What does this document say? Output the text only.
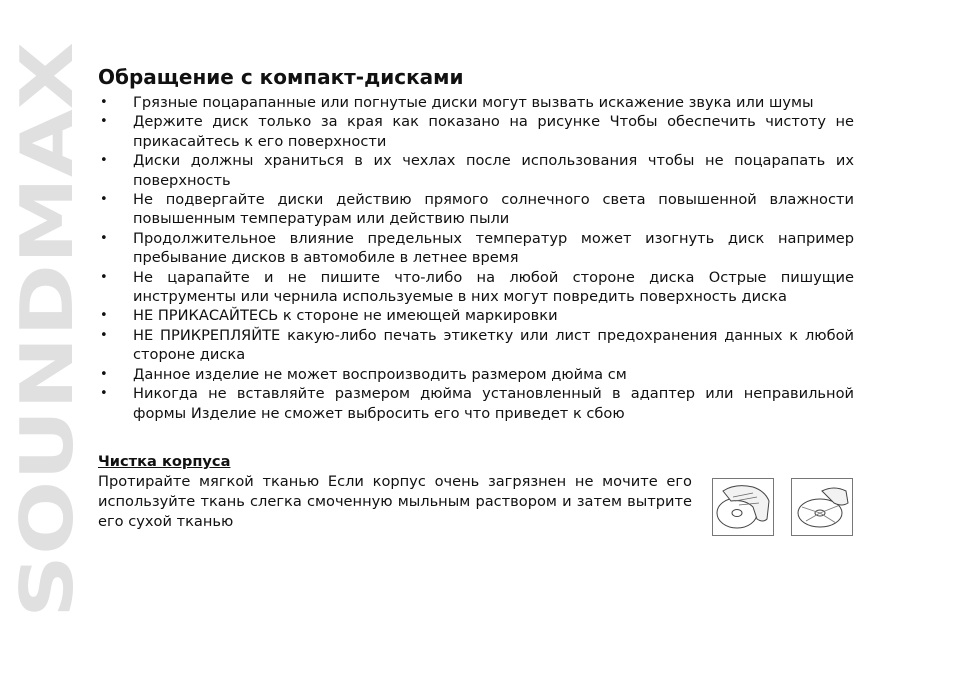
SOUNDMAX
Обращение с компакт-дисками
• Грязные поцарапанные или погнутые диски могут вызвать искажение звука или шумы
• Держите диск только за края как показано на рисунке Чтобы обеспечить чистоту не прикасайтесь к его поверхности
• Диски должны храниться в их чехлах после использования чтобы не поцарапать их поверхность
• Не подвергайте диски действию прямого солнечного света повышенной влажности повышенным температурам или действию пыли
• Продолжительное влияние предельных температур может изогнуть диск например пребывание дисков в автомобиле в летнее время
• Не царапайте и не пишите что-либо на любой стороне диска Острые пишущие инструменты или чернила используемые в них могут повредить поверхность диска
• НЕ ПРИКАСАЙТЕСЬ к стороне не имеющей маркировки
• НЕ ПРИКРЕПЛЯЙТЕ какую-либо печать этикетку или лист предохранения данных к любой стороне диска
• Данное изделие не может воспроизводить размером дюйма см
• Никогда не вставляйте размером дюйма установленный в адаптер или неправильной формы Изделие не сможет выбросить его что приведет к сбою
Чистка корпуса

Протирайте мягкой тканью Если корпус очень загрязнен не мочите его используйте ткань слегка смоченную мыльным раствором и затем вытрите его сухой тканью
